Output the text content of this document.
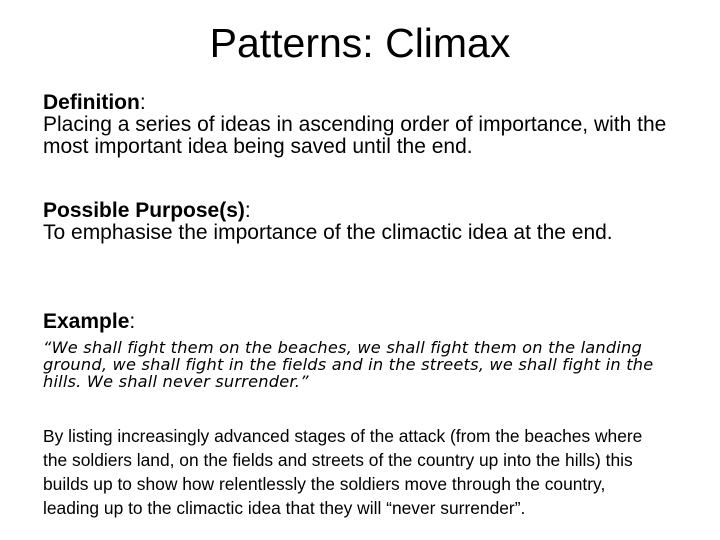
Patterns: Climax
Definition:
Placing a series of ideas in ascending order of importance, with the most important idea being saved until the end.
Possible Purpose(s):
To emphasise the importance of the climactic idea at the end.
Example:
“We shall fight them on the beaches, we shall fight them on the landing ground, we shall fight in the fields and in the streets, we shall fight in the hills. We shall never surrender.”
By listing increasingly advanced stages of the attack (from the beaches where the soldiers land, on the fields and streets of the country up into the hills) this builds up to show how relentlessly the soldiers move through the country, leading up to the climactic idea that they will “never surrender”.
